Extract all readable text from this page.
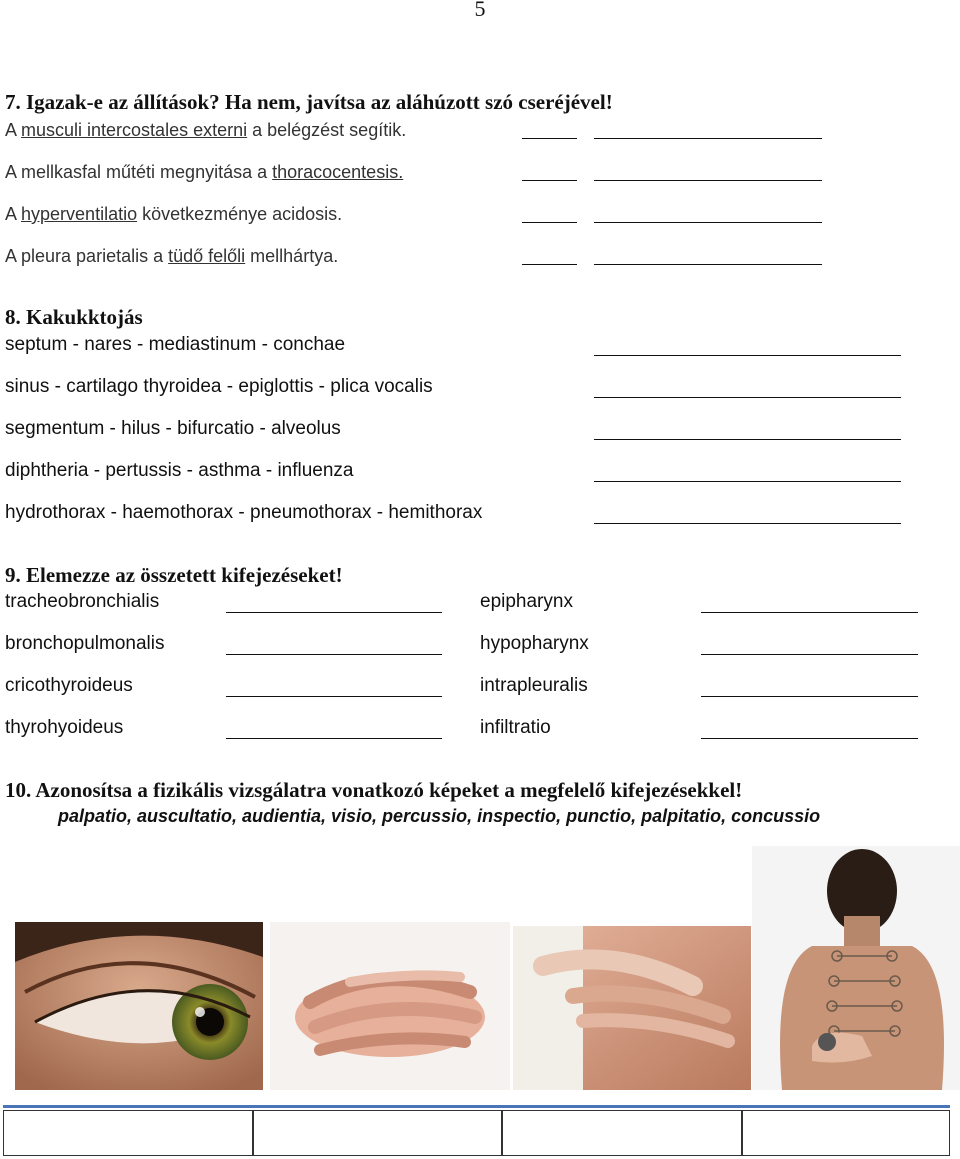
5
7. Igazak-e az állítások? Ha nem, javítsa az aláhúzott szó cseréjével!
A musculi intercostales externi a belégzést segítik.
A mellkasfal műtéti megnyitása a thoracocentesis.
A hyperventilatio következménye acidosis.
A pleura parietalis a tüdő felőli mellhártya.
8. Kakukktojás
septum - nares - mediastinum - conchae
sinus - cartilago thyroidea - epiglottis - plica vocalis
segmentum - hilus - bifurcatio - alveolus
diphtheria - pertussis - asthma - influenza
hydrothorax - haemothorax - pneumothorax - hemithorax
9. Elemezze az összetett kifejezéseket!
tracheobronchialis
bronchopulmonalis
cricothyroideus
thyrohyoideus
epipharynx
hypopharynx
intrapleuralis
infiltratio
10. Azonosítsa a fizikális vizsgálatra vonatkozó képeket a megfelelő kifejezésekkel!
palpatio, auscultatio, audientia, visio, percussio, inspectio, punctio, palpitatio, concussio
